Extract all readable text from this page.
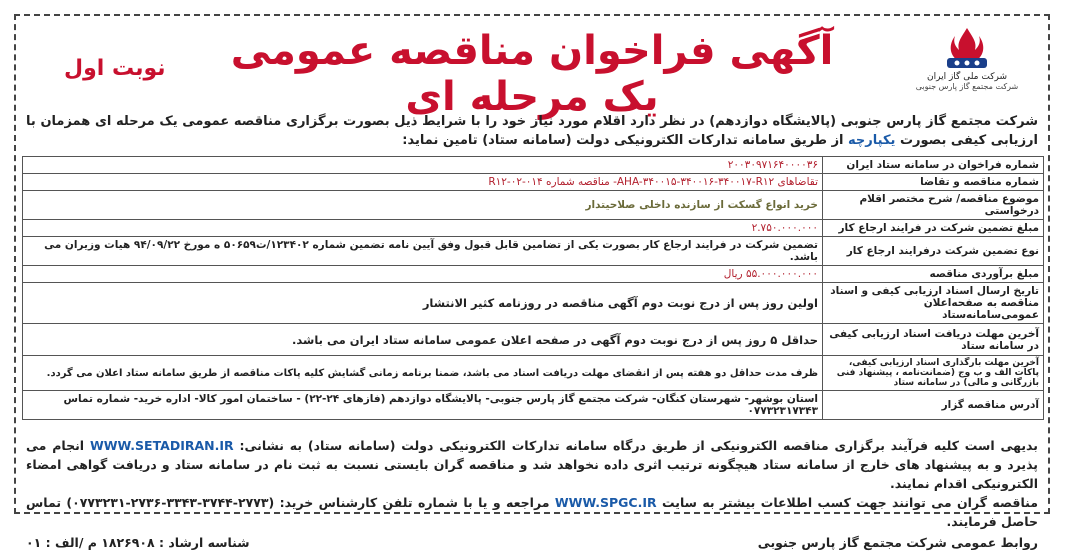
شرکت ملی گاز ایران
شرکت مجتمع گاز پارس جنوبی
آگهی فراخوان مناقصه عمومی یک مرحله ای
نوبت اول
شرکت مجتمع گاز پارس جنوبی (پالایشگاه دوازدهم) در نظر دارد اقلام مورد نیاز خود را با شرایط ذیل بصورت برگزاری مناقصه عمومی یک مرحله ای همزمان با ارزیابی کیفی بصورت یکپارچه از طریق سامانه تدارکات الکترونیکی دولت (سامانه ستاد) تامین نماید:
شماره فراخوان در سامانه ستاد ایران	۲۰۰۳۰۹۷۱۶۴۰۰۰۰۳۶
شماره مناقصه و تقاضا	تقاضاهای AHA-۳۴۰۰۱۵-۳۴۰۰۱۶-۳۴۰۰۱۷-R۱۲- مناقصه شماره R۱۲-۰۲-۰۱۴
موضوع مناقصه/ شرح مختصر اقلام درخواستی	خرید انواع گسکت از سازنده داخلی صلاحیتدار
مبلغ تضمین شرکت در فرایند ارجاع کار	۲.۷۵۰.۰۰۰.۰۰۰
نوع تضمین شرکت درفرایند ارجاع کار	تضمین شرکت در فرایند ارجاع کار بصورت یکی از تضامین قابل قبول وفق آیین نامه تضمین شماره ۱۲۳۴۰۲/ت۵۰۶۵۹ ه مورخ ۹۴/۰۹/۲۲ هیات وزیران می باشد.
مبلغ برآوردی مناقصه	۵۵.۰۰۰.۰۰۰.۰۰۰ ریال
تاریخ ارسال اسناد ارزیابی کیفی و اسناد مناقصه به صفحه‌اعلان عمومی‌سامانه‌ستاد	اولین روز پس از درج نوبت دوم آگهی مناقصه در روزنامه کثیر الانتشار
آخرین مهلت دریافت اسناد ارزیابی کیفی در سامانه ستاد	حداقل ۵ روز پس از درج نوبت دوم آگهی در صفحه اعلان عمومی سامانه ستاد ایران می باشد.
آخرین مهلت بارگذاری اسناد ارزیابی کیفی، پاکات الف و ب وج (ضمانت‌نامه ، پیشنهاد فنی بازرگانی و مالی) در سامانه ستاد	ظرف مدت حداقل دو هفته پس از انقضای مهلت دریافت اسناد می باشد، ضمنا برنامه زمانی گشایش کلیه پاکات مناقصه از طریق سامانه ستاد اعلان می گردد.
آدرس مناقصه گزار	استان بوشهر- شهرستان کنگان- شرکت مجتمع گاز پارس جنوبی- پالایشگاه دوازدهم (فازهای ۲۴-۲۲) - ساختمان امور کالا- اداره خرید- شماره تماس ۰۷۷۳۲۳۱۷۳۴۳
بدیهی است کلیه فرآیند برگزاری مناقصه الکترونیکی از طریق درگاه سامانه تدارکات الکترونیکی دولت (سامانه ستاد) به نشانی: WWW.SETADIRAN.IR انجام می پذیرد و به پیشنهاد های خارج از سامانه ستاد هیچگونه ترتیب اثری داده نخواهد شد و مناقصه گران بایستی نسبت به ثبت نام در سامانه ستاد و دریافت گواهی امضاء الکترونیکی اقدام نمایند.
مناقصه گران می توانند جهت کسب اطلاعات بیشتر به سایت WWW.SPGC.IR مراجعه و یا با شماره تلفن کارشناس خرید: (۲۷۷۳-۳۷۴۴-۳۳۴۳-۲۷۳۶-۰۷۷۳۲۳۱) تماس حاصل فرمایند.
روابط عمومی شرکت مجتمع گاز پارس جنوبی
شناسه ارشاد : ۱۸۲۶۹۰۸ م /الف : ۰۱
